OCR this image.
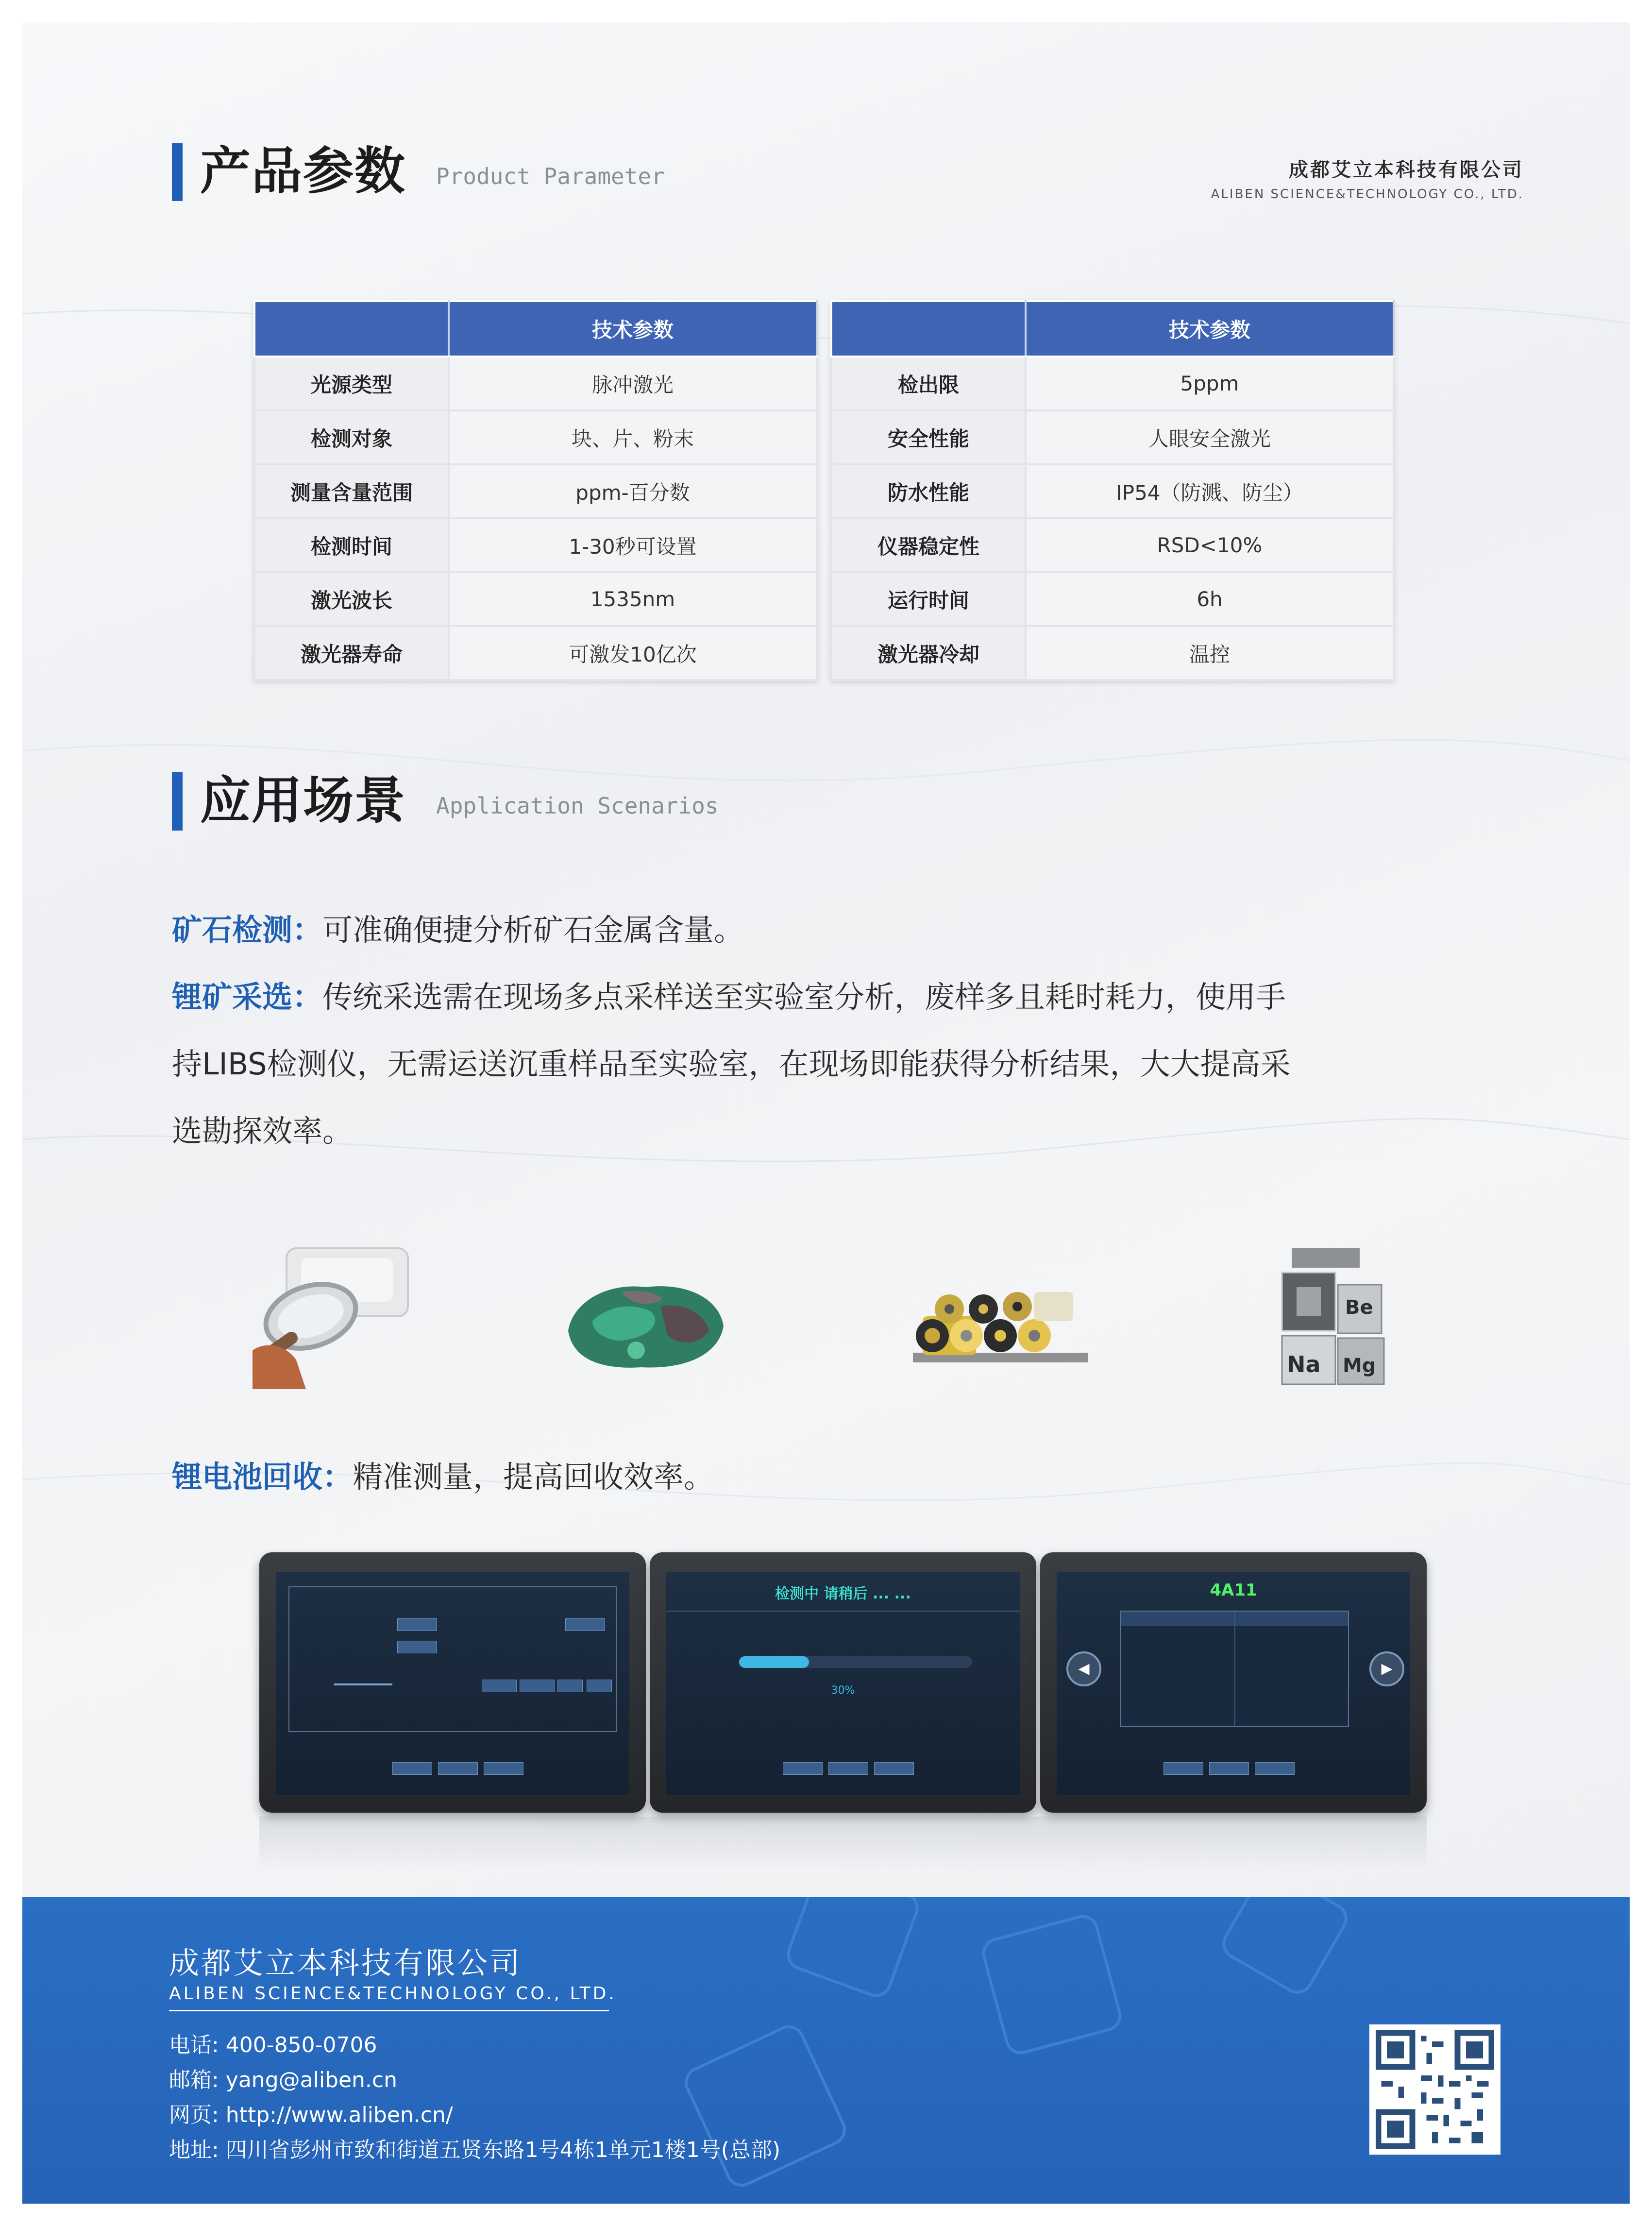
产品参数 Product Parameter	成都艾立本科技有限公司
ALIBEN SCIENCE&TECHNOLOGY CO., LTD.
	技术参数
光源类型	脉冲激光
检测对象	块、片、粉末
测量含量范围	ppm-百分数
检测时间	1-30秒可设置
激光波长	1535nm
激光器寿命	可激发10亿次
	技术参数
检出限	5ppm
安全性能	人眼安全激光
防水性能	IP54（防溅、防尘）
仪器稳定性	RSD<10%
运行时间	6h
激光器冷却	温控
应用场景 Application Scenarios
矿石检测：可准确便捷分析矿石金属含量。
锂矿采选：传统采选需在现场多点采样送至实验室分析，废样多且耗时耗力，使用手
持LIBS检测仪，无需运送沉重样品至实验室，在现场即能获得分析结果，大大提高采
选勘探效率。
Be
Na Mg
锂电池回收：精准测量，提高回收效率。
检测中 请稍后 ... ...
30%
4A11
◀	▶
成都艾立本科技有限公司
ALIBEN SCIENCE&TECHNOLOGY CO., LTD.
电话: 400-850-0706
邮箱: yang@aliben.cn
网页: http://www.aliben.cn/
地址: 四川省彭州市致和街道五贤东路1号4栋1单元1楼1号(总部)
